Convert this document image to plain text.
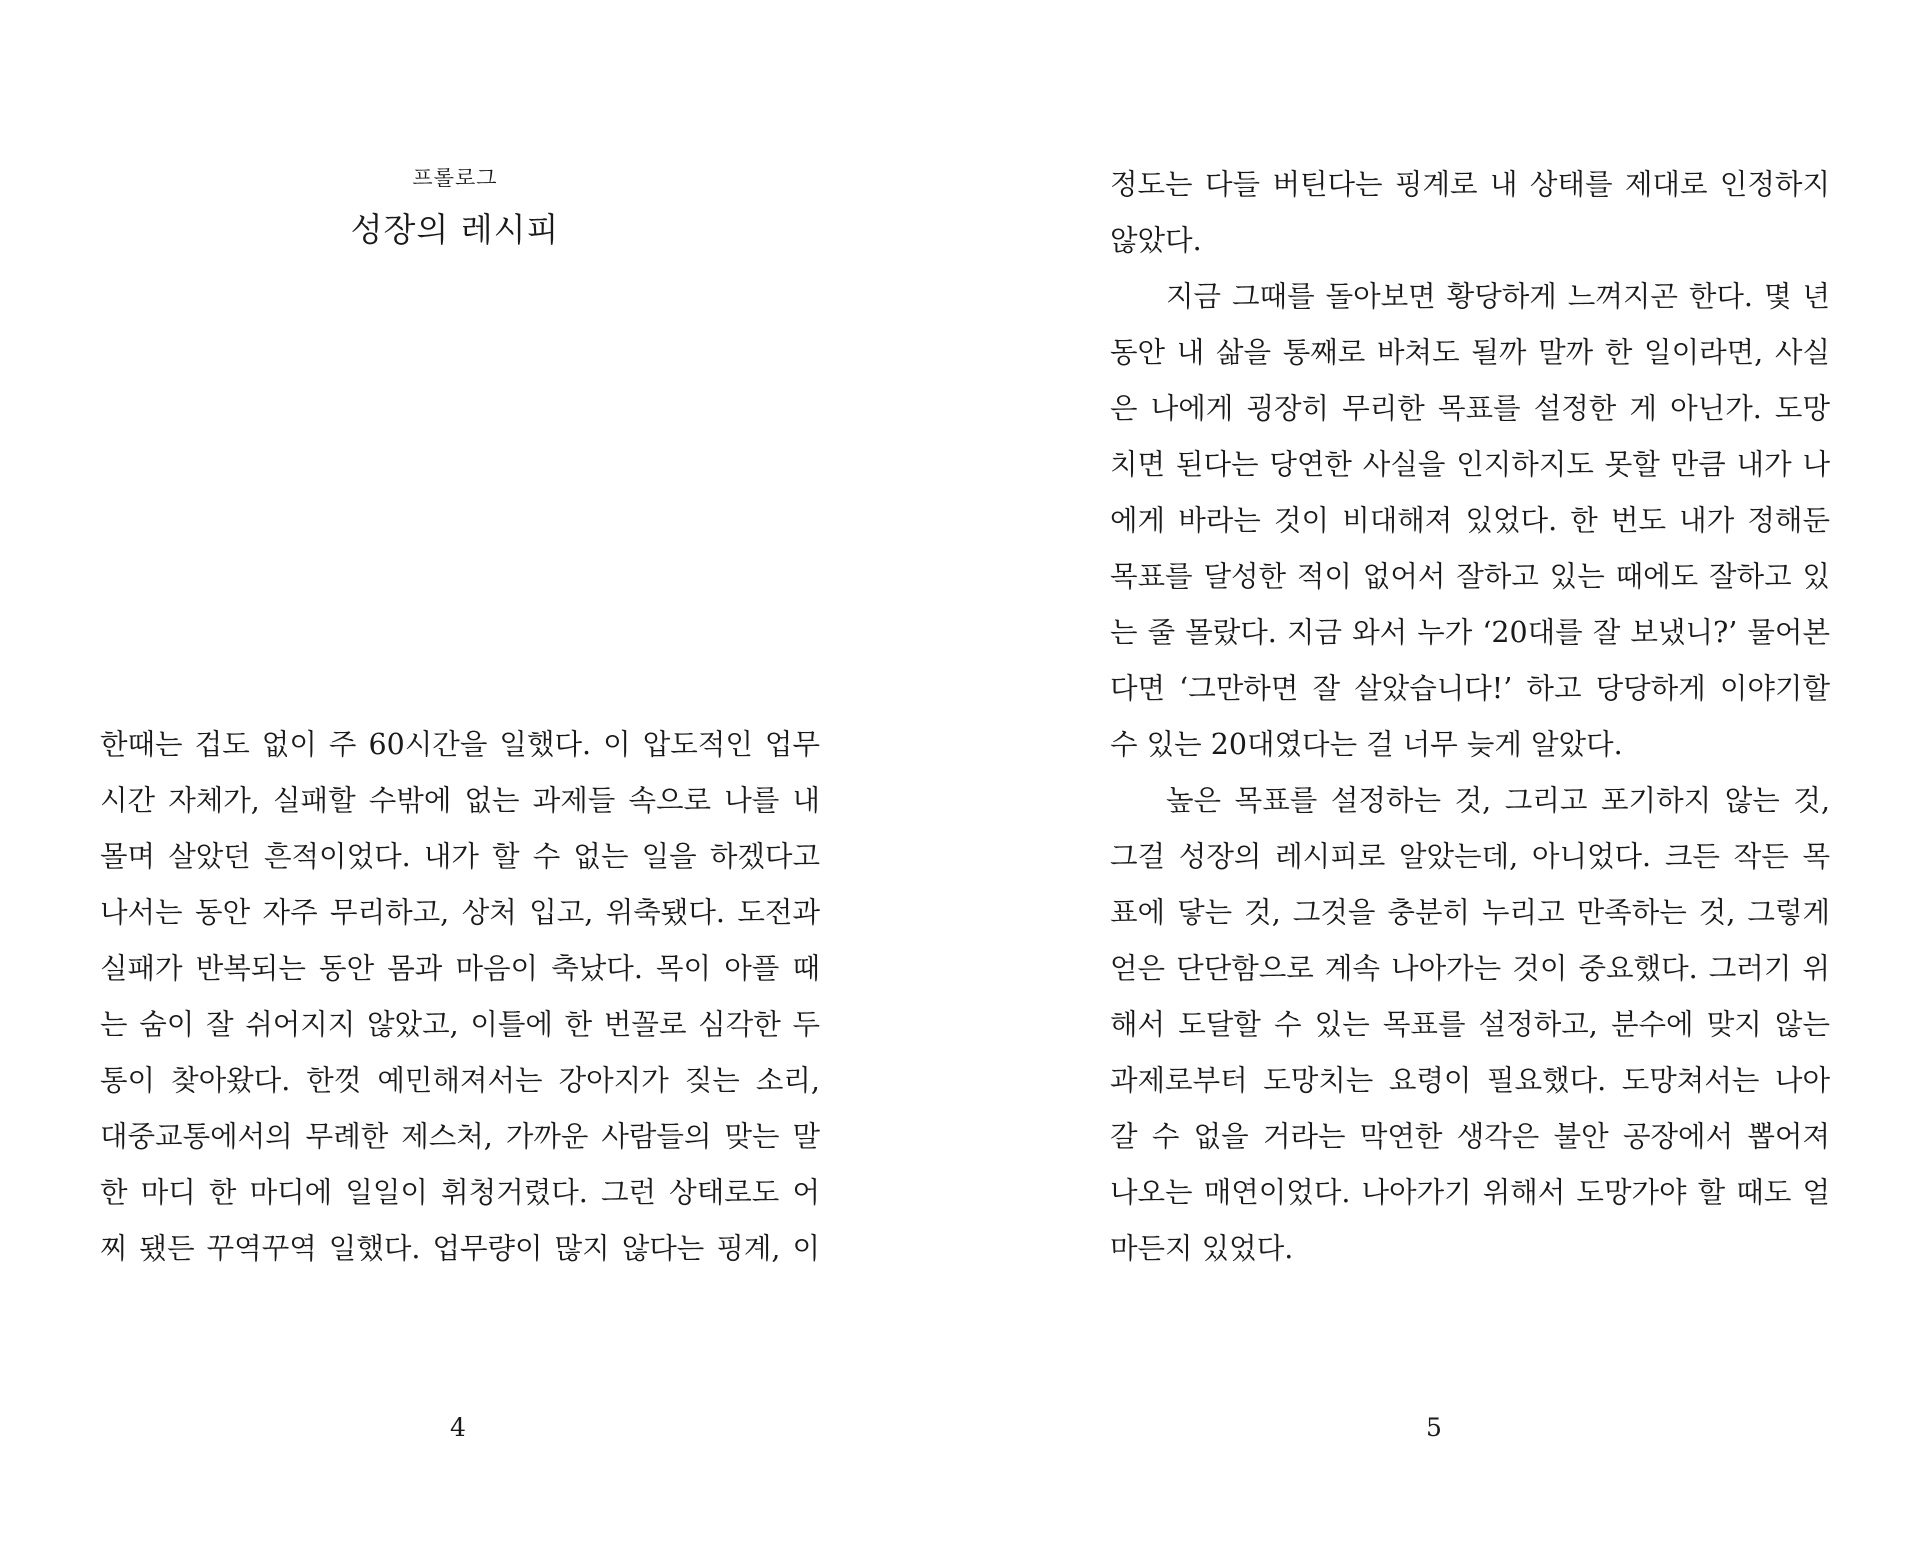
프롤로그
성장의 레시피
한때는 겁도 없이 주 60시간을 일했다. 이 압도적인 업무
시간 자체가, 실패할 수밖에 없는 과제들 속으로 나를 내
몰며 살았던 흔적이었다. 내가 할 수 없는 일을 하겠다고
나서는 동안 자주 무리하고, 상처 입고, 위축됐다. 도전과
실패가 반복되는 동안 몸과 마음이 축났다. 목이 아플 때
는 숨이 잘 쉬어지지 않았고, 이틀에 한 번꼴로 심각한 두
통이 찾아왔다. 한껏 예민해져서는 강아지가 짖는 소리,
대중교통에서의 무례한 제스처, 가까운 사람들의 맞는 말
한 마디 한 마디에 일일이 휘청거렸다. 그런 상태로도 어
찌 됐든 꾸역꾸역 일했다. 업무량이 많지 않다는 핑계, 이
4
정도는 다들 버틴다는 핑계로 내 상태를 제대로 인정하지
않았다.
지금 그때를 돌아보면 황당하게 느껴지곤 한다. 몇 년
동안 내 삶을 통째로 바쳐도 될까 말까 한 일이라면, 사실
은 나에게 굉장히 무리한 목표를 설정한 게 아닌가. 도망
치면 된다는 당연한 사실을 인지하지도 못할 만큼 내가 나
에게 바라는 것이 비대해져 있었다. 한 번도 내가 정해둔
목표를 달성한 적이 없어서 잘하고 있는 때에도 잘하고 있
는 줄 몰랐다. 지금 와서 누가 ‘20대를 잘 보냈니?’ 물어본
다면 ‘그만하면 잘 살았습니다!’ 하고 당당하게 이야기할
수 있는 20대였다는 걸 너무 늦게 알았다.
높은 목표를 설정하는 것, 그리고 포기하지 않는 것,
그걸 성장의 레시피로 알았는데, 아니었다. 크든 작든 목
표에 닿는 것, 그것을 충분히 누리고 만족하는 것, 그렇게
얻은 단단함으로 계속 나아가는 것이 중요했다. 그러기 위
해서 도달할 수 있는 목표를 설정하고, 분수에 맞지 않는
과제로부터 도망치는 요령이 필요했다. 도망쳐서는 나아
갈 수 없을 거라는 막연한 생각은 불안 공장에서 뽑어져
나오는 매연이었다. 나아가기 위해서 도망가야 할 때도 얼
마든지 있었다.
5
